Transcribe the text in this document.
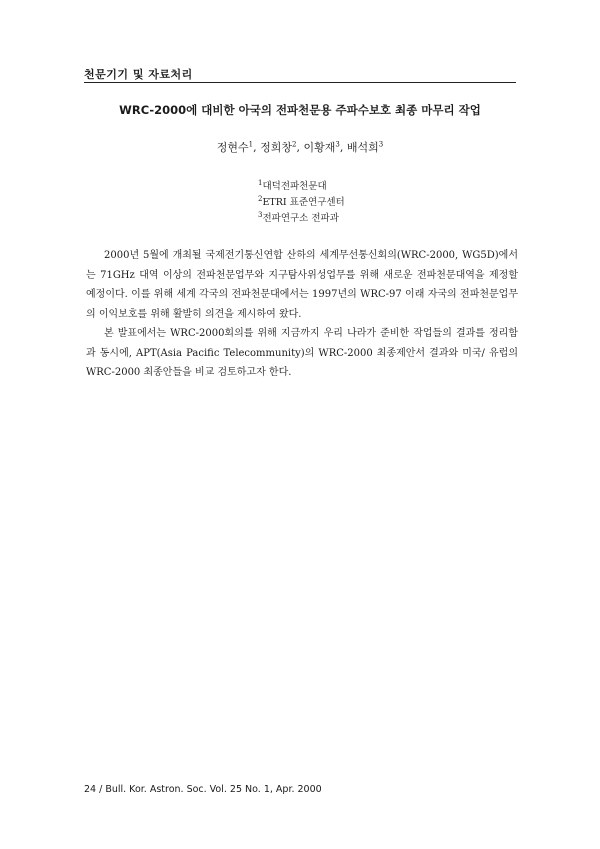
천문기기 및 자료처리
WRC-2000에 대비한 아국의 전파천문용 주파수보호 최종 마무리 작업
정현수$^1$, 정희창$^2$, 이황재$^3$, 배석희$^3$
$^1$대덕전파천문대
$^2$ETRI 표준연구센터
$^3$전파연구소 전파과

2000년 5월에 개최될 국제전기통신연합 산하의 세계무선통신회의(WRC-2000, WG5D)에서는 71GHz 대역 이상의 전파천문업무와 지구탐사위성업무를 위해 새로운 전파천문대역을 제정할 예정이다. 이를 위해 세계 각국의 전파천문대에서는 1997년의 WRC-97 이래 자국의 전파천문업무의 이익보호를 위해 활발히 의견을 제시하여 왔다.

본 발표에서는 WRC-2000회의를 위해 지금까지 우리 나라가 준비한 작업들의 결과를 정리함과 동시에, APT(Asia Pacific Telecommunity)의 WRC-2000 최종제안서 결과와 미국/ 유럽의 WRC-2000 최종안들을 비교 검토하고자 한다.

24 / Bull. Kor. Astron. Soc. Vol. 25 No. 1, Apr. 2000
